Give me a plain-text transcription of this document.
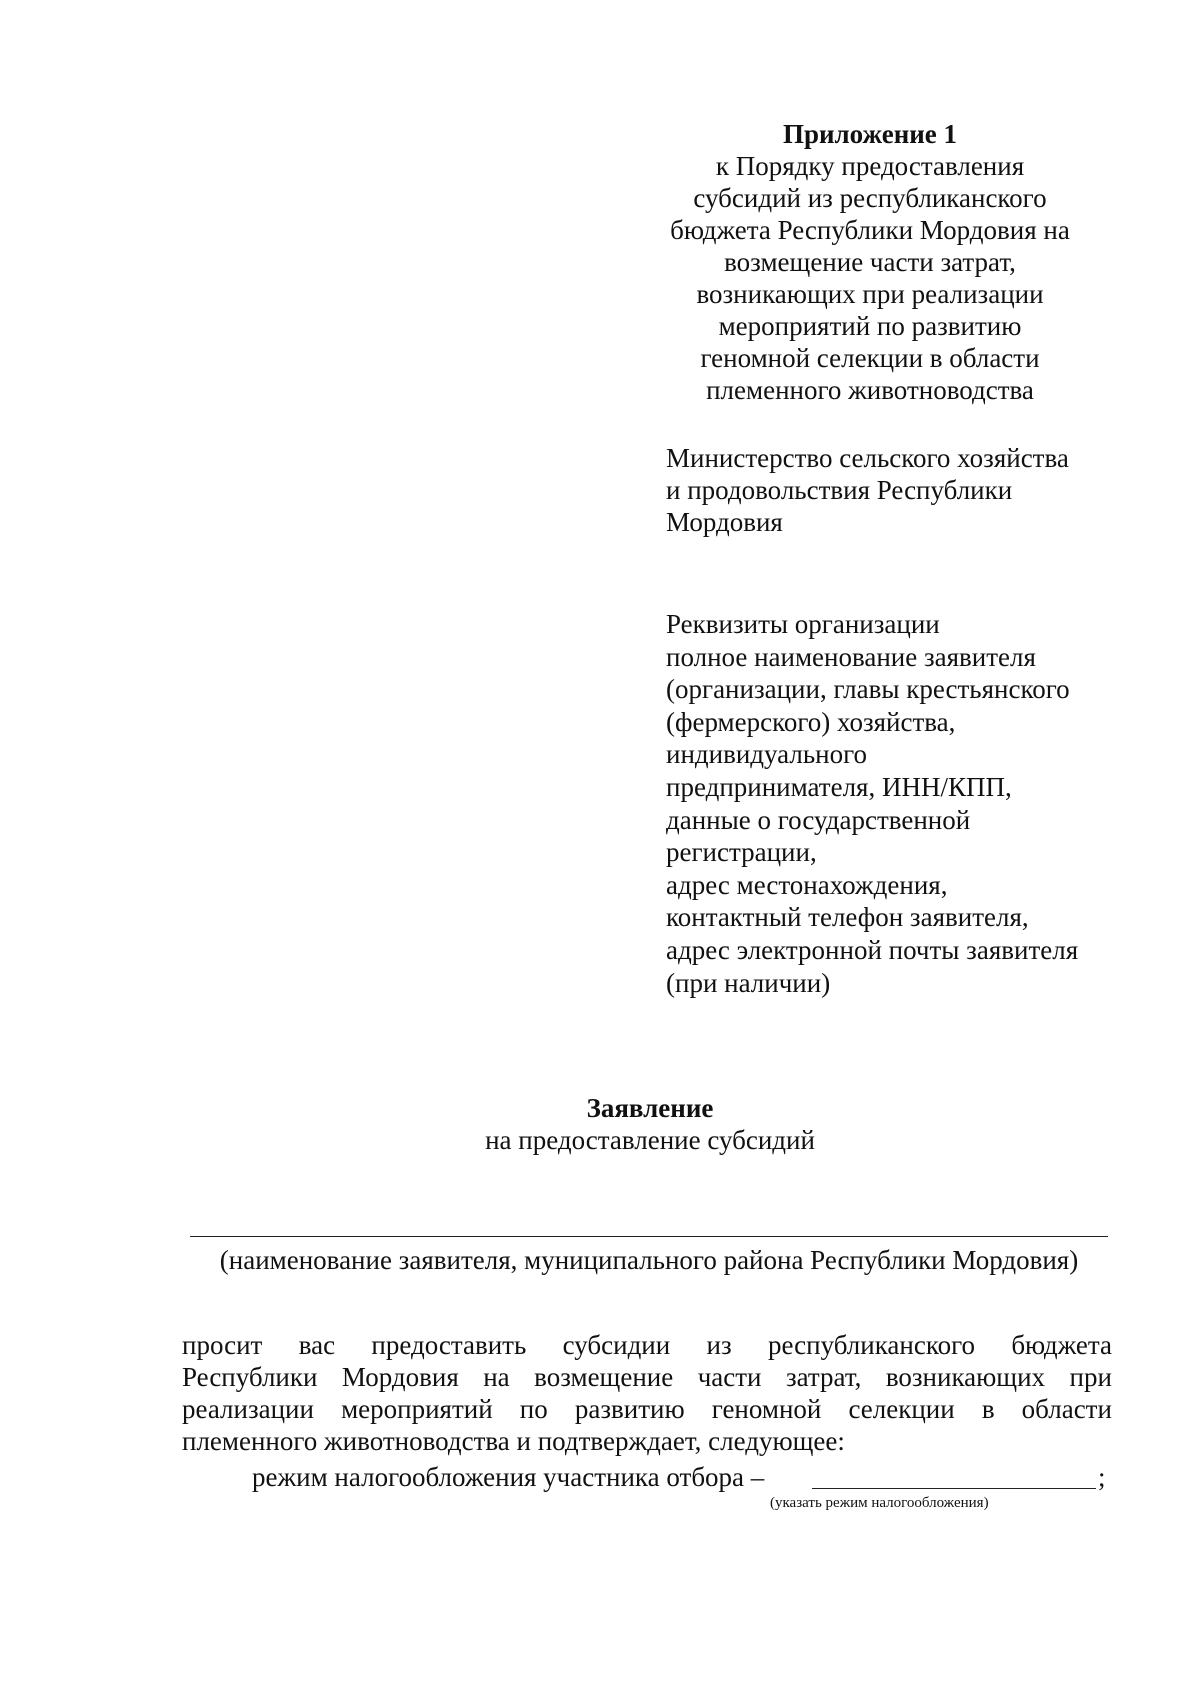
Приложение 1
к Порядку предоставления
субсидий из республиканского
бюджета Республики Мордовия на
возмещение части затрат,
возникающих при реализации
мероприятий по развитию
геномной селекции в области
племенного животноводства
Министерство сельского хозяйства
и продовольствия Республики
Мордовия
Реквизиты организации
полное наименование заявителя
(организации, главы крестьянского
(фермерского) хозяйства,
индивидуального
предпринимателя, ИНН/КПП,
данные о государственной
регистрации,
адрес местонахождения,
контактный телефон заявителя,
адрес электронной почты заявителя
(при наличии)
Заявление
на предоставление субсидий
(наименование заявителя, муниципального района Республики Мордовия)
просит вас предоставить субсидии из республиканского бюджета
Республики Мордовия на возмещение части затрат, возникающих при
реализации мероприятий по развитию геномной селекции в области
племенного животноводства и подтверждает, следующее:
режим налогообложения участника отбора –	;
(указать режим налогообложения)
